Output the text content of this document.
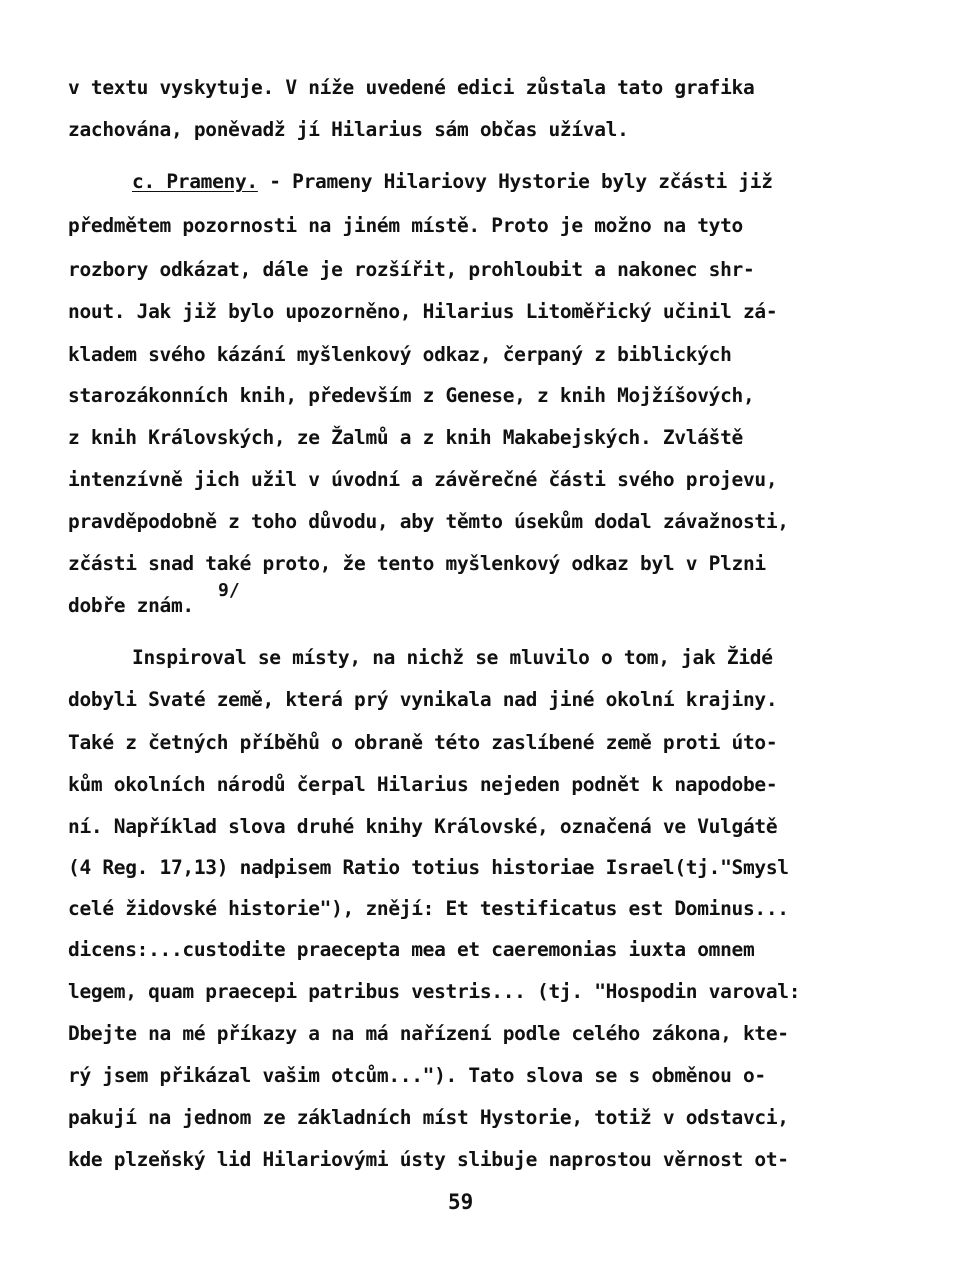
v textu vyskytuje. V níže uvedené edici zůstala tato grafika
zachována, poněvadž jí Hilarius sám občas užíval.
c. Prameny. - Prameny Hilariovy Hystorie byly zčásti již
předmětem pozornosti na jiném místě. Proto je možno na tyto
rozbory odkázat, dále je rozšířit, prohloubit a nakonec shr-
nout. Jak již bylo upozorněno, Hilarius Litoměřický učinil zá-
kladem svého kázání myšlenkový odkaz, čerpaný z biblických
starozákonních knih, především z Genese, z knih Mojžíšových,
z knih Královských, ze Žalmů a z knih Makabejských. Zvláště
intenzívně jich užil v úvodní a závěrečné části svého projevu,
pravděpodobně z toho důvodu, aby těmto úsekům dodal závažnosti,
zčásti snad také proto, že tento myšlenkový odkaz byl v Plzni
dobře znám.
9/
Inspiroval se místy, na nichž se mluvilo o tom, jak Židé
dobyli Svaté země, která prý vynikala nad jiné okolní krajiny.
Také z četných příběhů o obraně této zaslíbené země proti úto-
kům okolních národů čerpal Hilarius nejeden podnět k napodobe-
ní. Například slova druhé knihy Královské, označená ve Vulgátě
(4 Reg. 17,13) nadpisem Ratio totius historiae Israel(tj."Smysl
celé židovské historie"), znějí: Et testificatus est Dominus...
dicens:...custodite praecepta mea et caeremonias iuxta omnem
legem, quam praecepi patribus vestris... (tj. "Hospodin varoval:
Dbejte na mé příkazy a na má nařízení podle celého zákona, kte-
rý jsem přikázal vašim otcům..."). Tato slova se s obměnou o-
pakují na jednom ze základních míst Hystorie, totiž v odstavci,
kde plzeňský lid Hilariovými ústy slibuje naprostou věrnost ot-
59
